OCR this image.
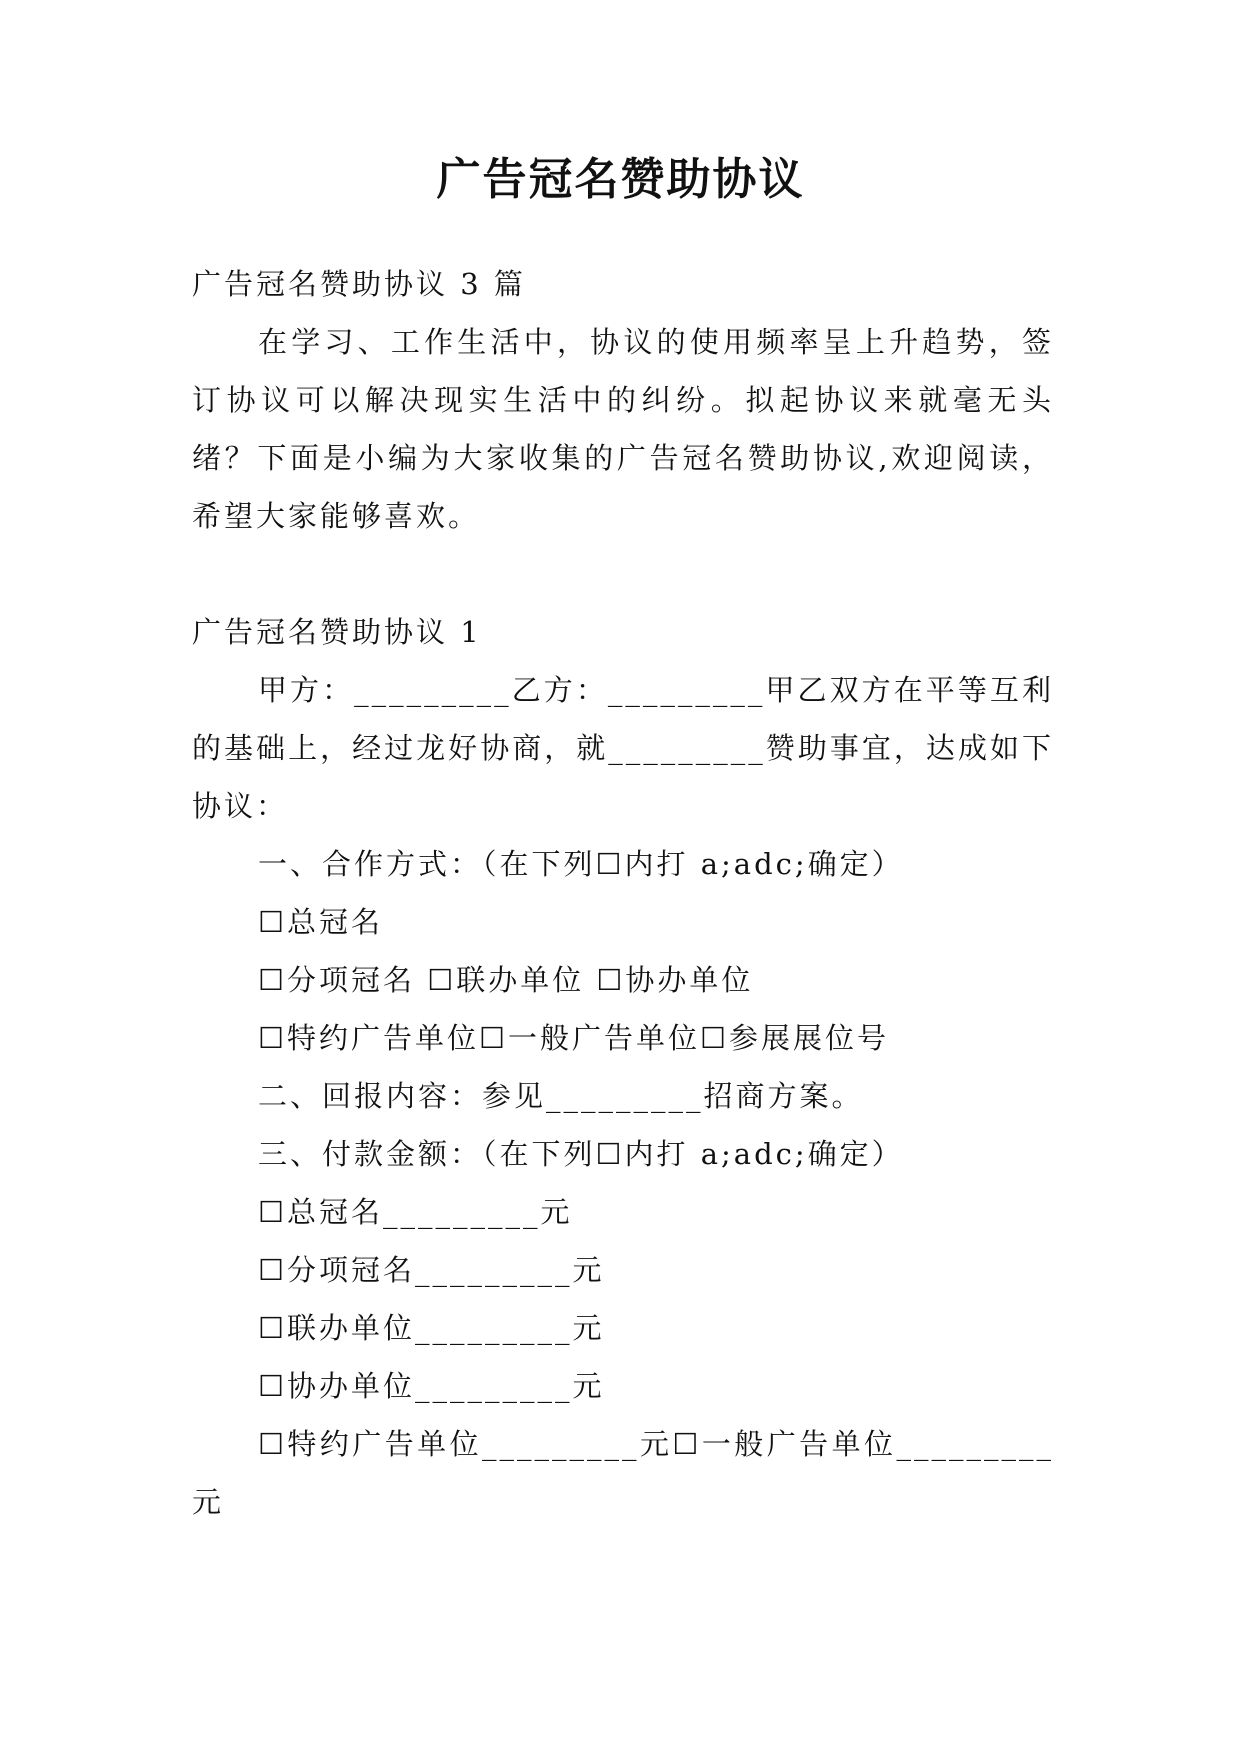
广告冠名赞助协议
广告冠名赞助协议 3 篇
在学习、工作生活中，协议的使用频率呈上升趋势，签订协议可以解决现实生活中的纠纷。拟起协议来就毫无头绪？下面是小编为大家收集的广告冠名赞助协议,欢迎阅读，希望大家能够喜欢。
广告冠名赞助协议 1
甲方：_________乙方：_________甲乙双方在平等互利的基础上，经过龙好协商，就_________赞助事宜，达成如下协议：
一、合作方式：（在下列☐内打 a;adc;确定）
☐总冠名
☐分项冠名 ☐联办单位 ☐协办单位
☐特约广告单位☐一般广告单位☐参展展位号
二、回报内容：参见_________招商方案。
三、付款金额：（在下列☐内打 a;adc;确定）
☐总冠名_________元
☐分项冠名_________元
☐联办单位_________元
☐协办单位_________元
☐特约广告单位_________元☐一般广告单位_________元
